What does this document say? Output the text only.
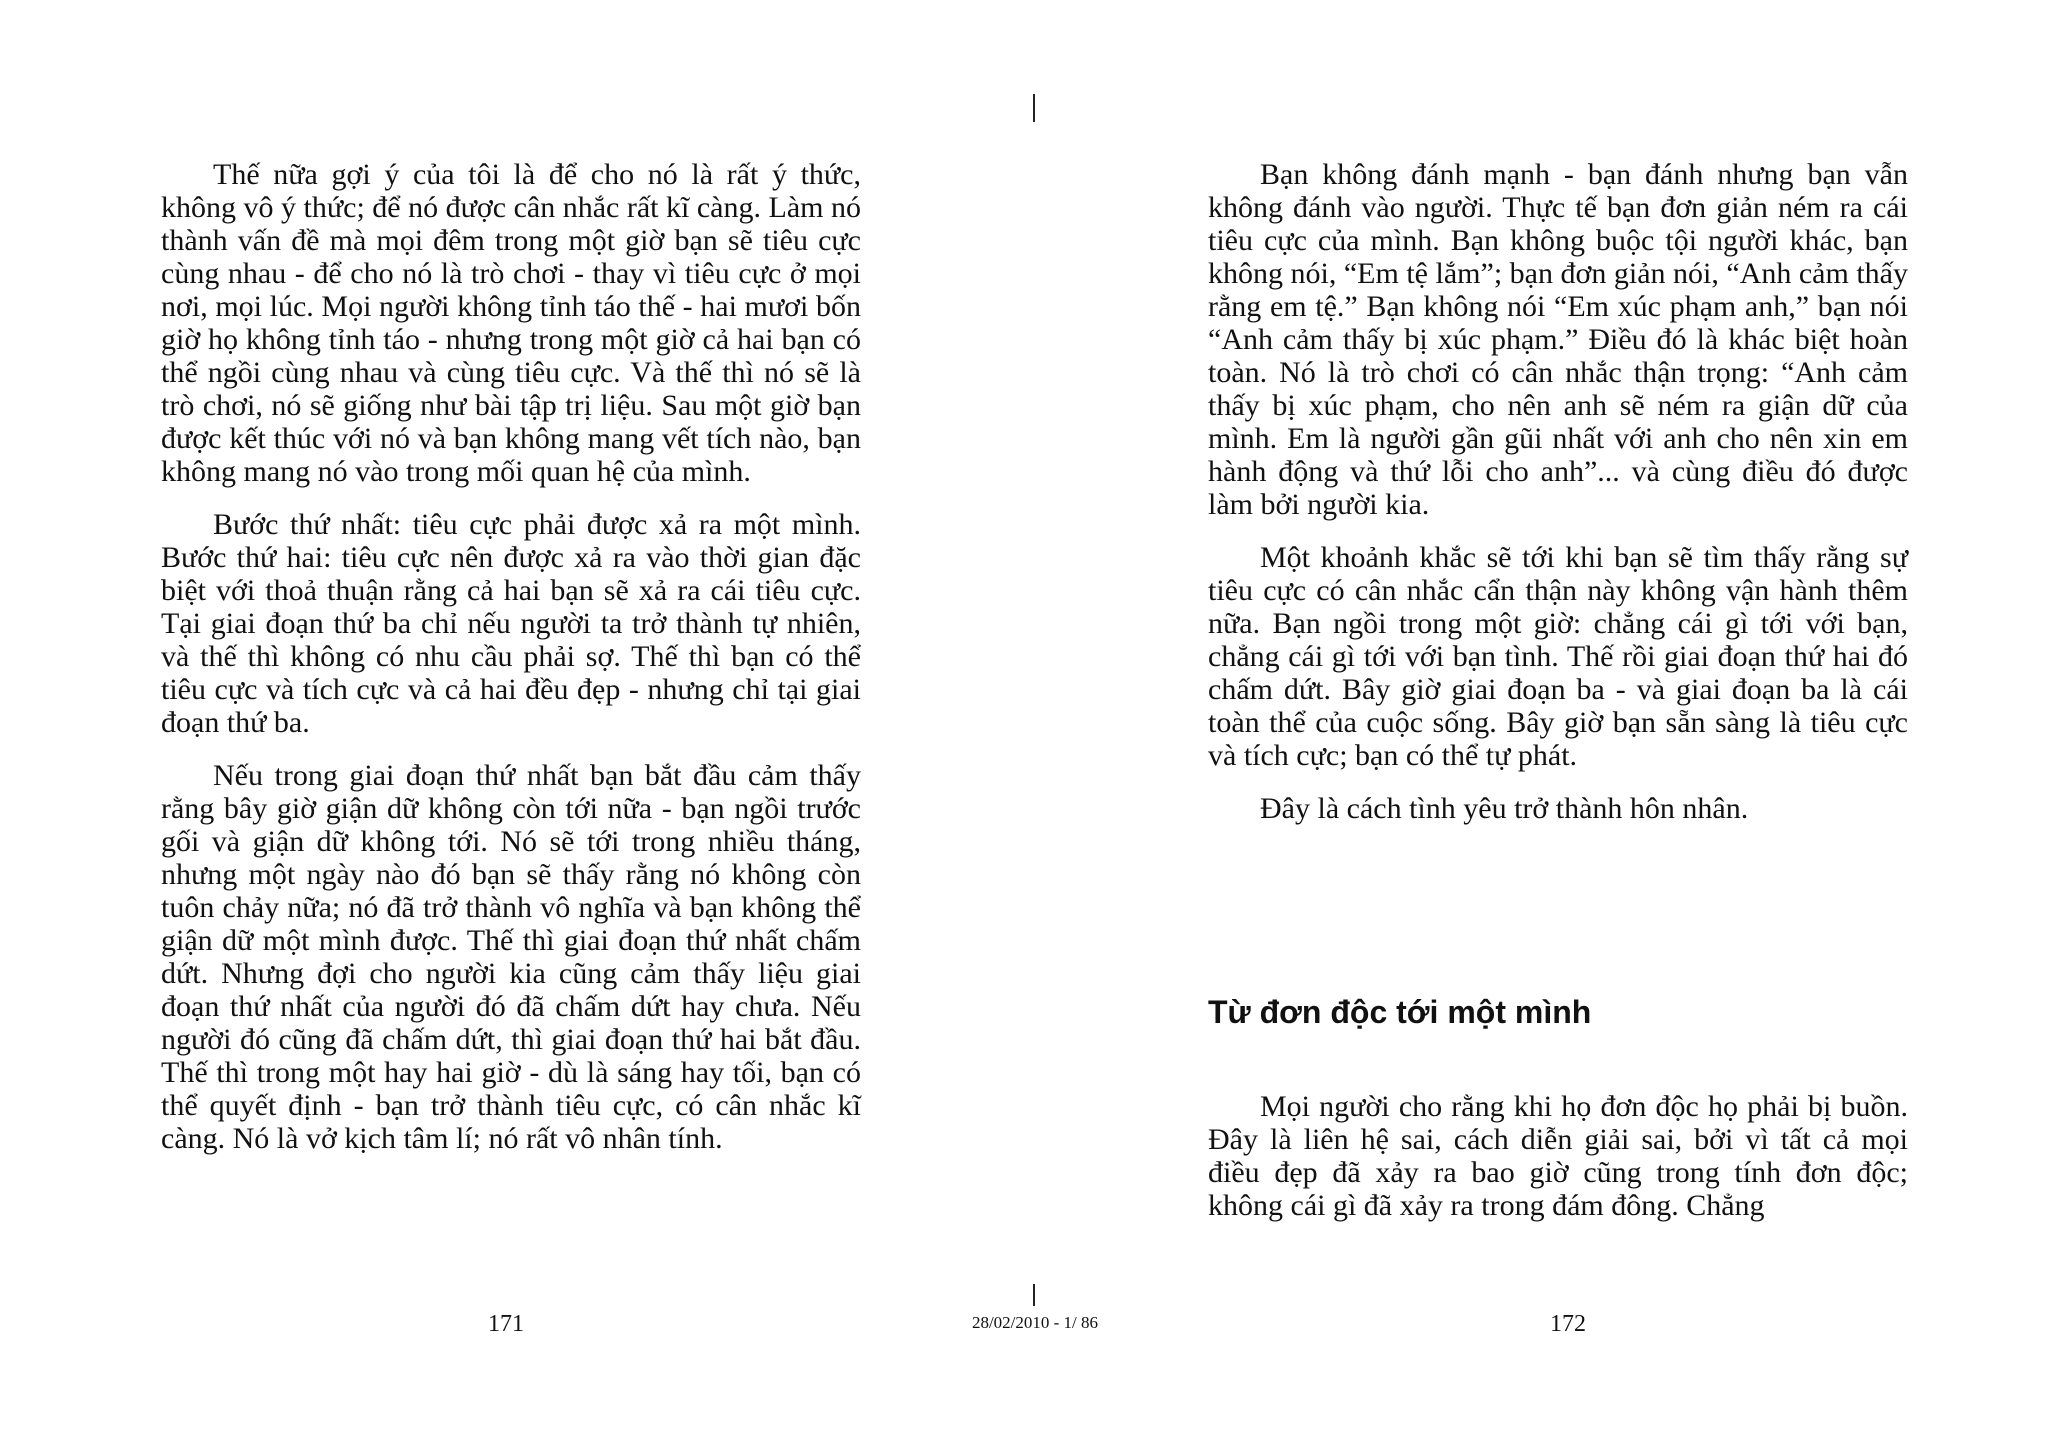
Thế nữa gợi ý của tôi là để cho nó là rất ý thức, không vô ý thức; để nó được cân nhắc rất kĩ càng. Làm nó thành vấn đề mà mọi đêm trong một giờ bạn sẽ tiêu cực cùng nhau - để cho nó là trò chơi - thay vì tiêu cực ở mọi nơi, mọi lúc. Mọi người không tỉnh táo thế - hai mươi bốn giờ họ không tỉnh táo - nhưng trong một giờ cả hai bạn có thể ngồi cùng nhau và cùng tiêu cực. Và thế thì nó sẽ là trò chơi, nó sẽ giống như bài tập trị liệu. Sau một giờ bạn được kết thúc với nó và bạn không mang vết tích nào, bạn không mang nó vào trong mối quan hệ của mình.

Bước thứ nhất: tiêu cực phải được xả ra một mình. Bước thứ hai: tiêu cực nên được xả ra vào thời gian đặc biệt với thoả thuận rằng cả hai bạn sẽ xả ra cái tiêu cực. Tại giai đoạn thứ ba chỉ nếu người ta trở thành tự nhiên, và thế thì không có nhu cầu phải sợ. Thế thì bạn có thể tiêu cực và tích cực và cả hai đều đẹp - nhưng chỉ tại giai đoạn thứ ba.

Nếu trong giai đoạn thứ nhất bạn bắt đầu cảm thấy rằng bây giờ giận dữ không còn tới nữa - bạn ngồi trước gối và giận dữ không tới. Nó sẽ tới trong nhiều tháng, nhưng một ngày nào đó bạn sẽ thấy rằng nó không còn tuôn chảy nữa; nó đã trở thành vô nghĩa và bạn không thể giận dữ một mình được. Thế thì giai đoạn thứ nhất chấm dứt. Nhưng đợi cho người kia cũng cảm thấy liệu giai đoạn thứ nhất của người đó đã chấm dứt hay chưa. Nếu người đó cũng đã chấm dứt, thì giai đoạn thứ hai bắt đầu. Thế thì trong một hay hai giờ - dù là sáng hay tối, bạn có thể quyết định - bạn trở thành tiêu cực, có cân nhắc kĩ càng. Nó là vở kịch tâm lí; nó rất vô nhân tính.

Bạn không đánh mạnh - bạn đánh nhưng bạn vẫn không đánh vào người. Thực tế bạn đơn giản ném ra cái tiêu cực của mình. Bạn không buộc tội người khác, bạn không nói, “Em tệ lắm”; bạn đơn giản nói, “Anh cảm thấy rằng em tệ.” Bạn không nói “Em xúc phạm anh,” bạn nói “Anh cảm thấy bị xúc phạm.” Điều đó là khác biệt hoàn toàn. Nó là trò chơi có cân nhắc thận trọng: “Anh cảm thấy bị xúc phạm, cho nên anh sẽ ném ra giận dữ của mình. Em là người gần gũi nhất với anh cho nên xin em hành động và thứ lỗi cho anh”... và cùng điều đó được làm bởi người kia.

Một khoảnh khắc sẽ tới khi bạn sẽ tìm thấy rằng sự tiêu cực có cân nhắc cẩn thận này không vận hành thêm nữa. Bạn ngồi trong một giờ: chẳng cái gì tới với bạn, chẳng cái gì tới với bạn tình. Thế rồi giai đoạn thứ hai đó chấm dứt. Bây giờ giai đoạn ba - và giai đoạn ba là cái toàn thể của cuộc sống. Bây giờ bạn sẵn sàng là tiêu cực và tích cực; bạn có thể tự phát.

Đây là cách tình yêu trở thành hôn nhân.

Từ đơn độc tới một mình

Mọi người cho rằng khi họ đơn độc họ phải bị buồn. Đây là liên hệ sai, cách diễn giải sai, bởi vì tất cả mọi điều đẹp đã xảy ra bao giờ cũng trong tính đơn độc; không cái gì đã xảy ra trong đám đông. Chẳng

171	28/02/2010 - 1/ 86	172
